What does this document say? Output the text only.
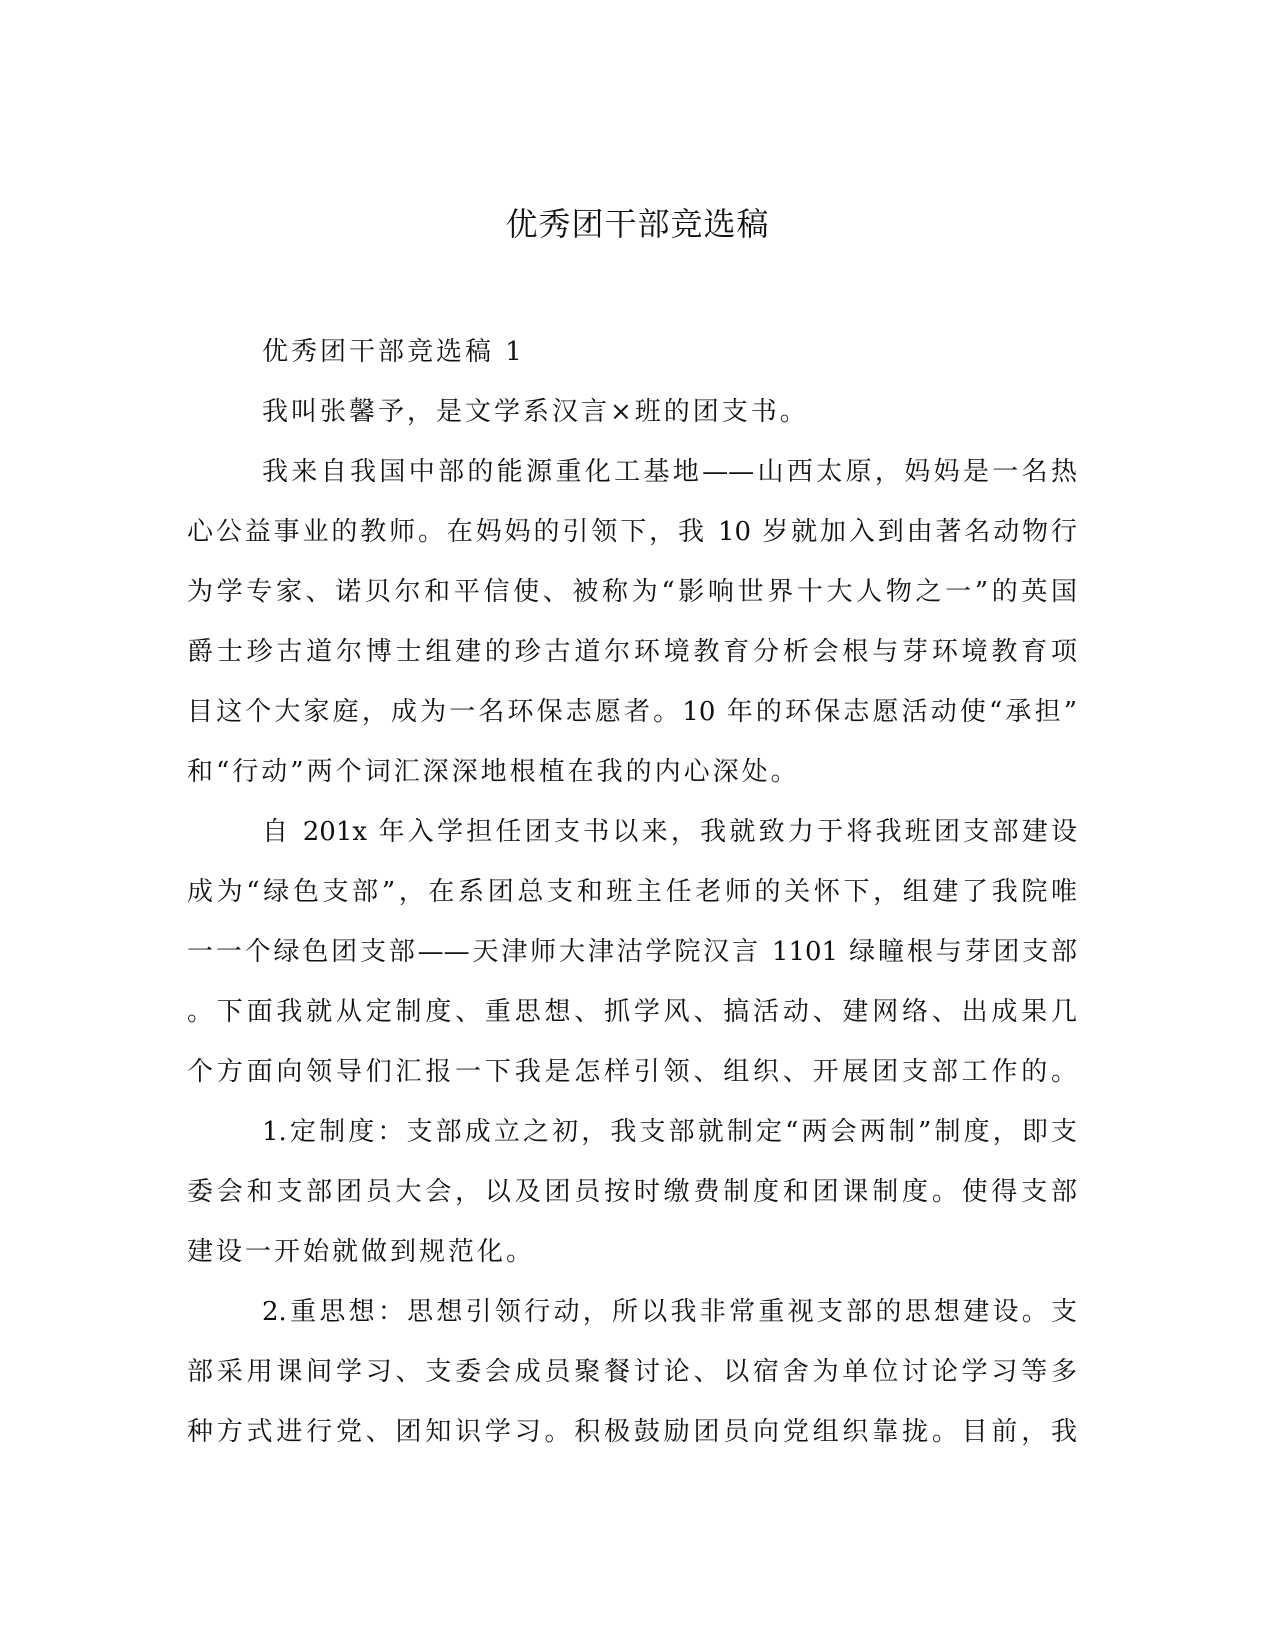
优秀团干部竞选稿
优秀团干部竞选稿 1
我叫张馨予，是文学系汉言×班的团支书。
我来自我国中部的能源重化工基地——山西太原，妈妈是一名热
心公益事业的教师。在妈妈的引领下，我 10 岁就加入到由著名动物行
为学专家、诺贝尔和平信使、被称为“影响世界十大人物之一”的英国
爵士珍古道尔博士组建的珍古道尔环境教育分析会根与芽环境教育项
目这个大家庭，成为一名环保志愿者。10 年的环保志愿活动使“承担”
和“行动”两个词汇深深地根植在我的内心深处。
自 201x 年入学担任团支书以来，我就致力于将我班团支部建设
成为“绿色支部”，在系团总支和班主任老师的关怀下，组建了我院唯
一一个绿色团支部——天津师大津沽学院汉言 1101 绿瞳根与芽团支部
。下面我就从定制度、重思想、抓学风、搞活动、建网络、出成果几
个方面向领导们汇报一下我是怎样引领、组织、开展团支部工作的。
1.定制度：支部成立之初，我支部就制定“两会两制”制度，即支
委会和支部团员大会，以及团员按时缴费制度和团课制度。使得支部
建设一开始就做到规范化。
2.重思想：思想引领行动，所以我非常重视支部的思想建设。支
部采用课间学习、支委会成员聚餐讨论、以宿舍为单位讨论学习等多
种方式进行党、团知识学习。积极鼓励团员向党组织靠拢。目前，我
